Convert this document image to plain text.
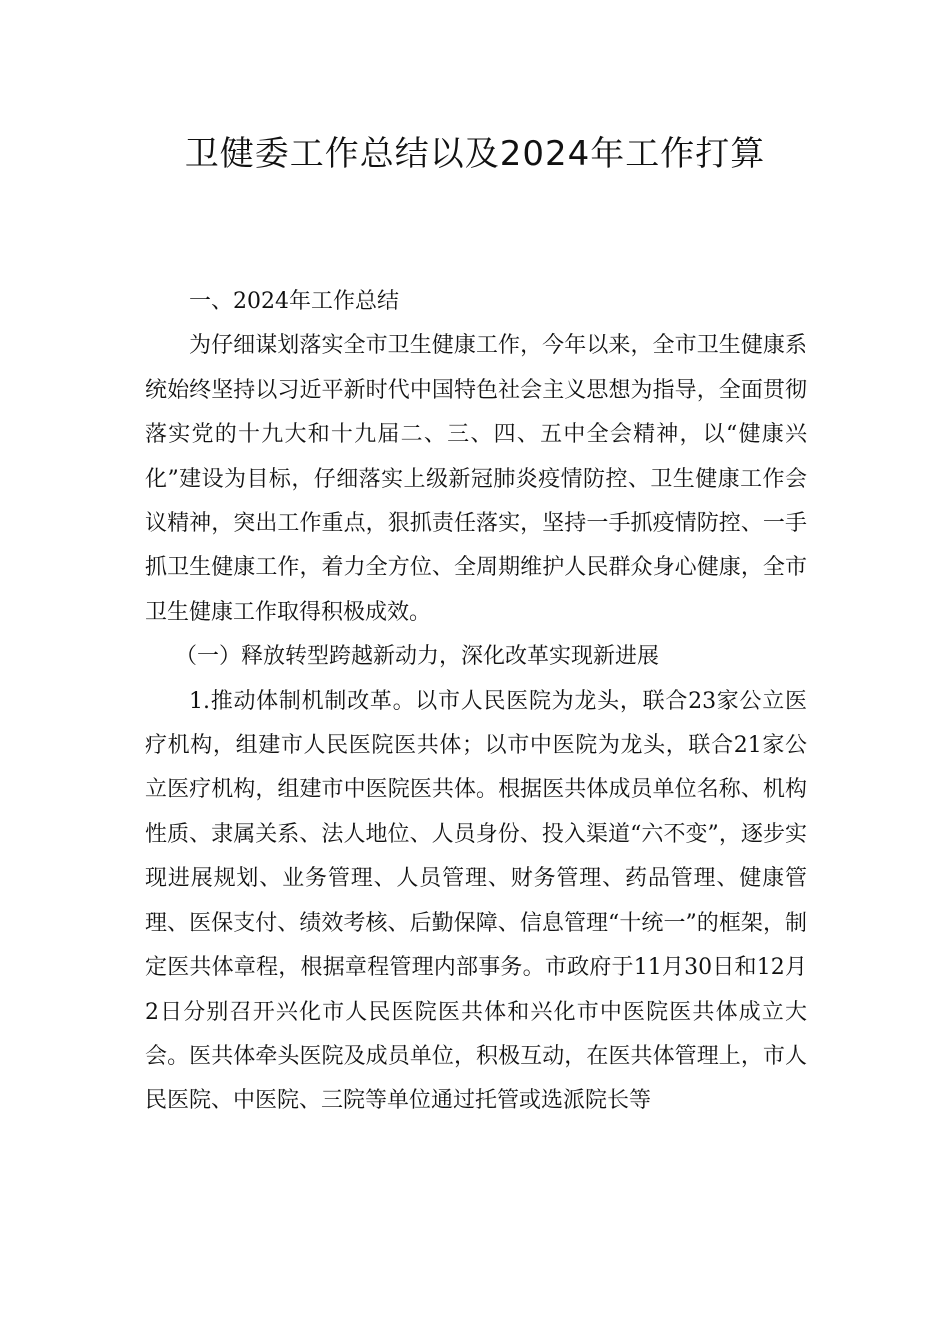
卫健委工作总结以及2024年工作打算

一、2024年工作总结

为仔细谋划落实全市卫生健康工作，今年以来，全市卫生健康系统始终坚持以习近平新时代中国特色社会主义思想为指导，全面贯彻落实党的十九大和十九届二、三、四、五中全会精神，以“健康兴化”建设为目标，仔细落实上级新冠肺炎疫情防控、卫生健康工作会议精神，突出工作重点，狠抓责任落实，坚持一手抓疫情防控、一手抓卫生健康工作，着力全方位、全周期维护人民群众身心健康，全市卫生健康工作取得积极成效。

（一）释放转型跨越新动力，深化改革实现新进展

1.推动体制机制改革。以市人民医院为龙头，联合23家公立医疗机构，组建市人民医院医共体；以市中医院为龙头，联合21家公立医疗机构，组建市中医院医共体。根据医共体成员单位名称、机构性质、隶属关系、法人地位、人员身份、投入渠道“六不变”，逐步实现进展规划、业务管理、人员管理、财务管理、药品管理、健康管理、医保支付、绩效考核、后勤保障、信息管理“十统一”的框架，制定医共体章程，根据章程管理内部事务。市政府于11月30日和12月2日分别召开兴化市人民医院医共体和兴化市中医院医共体成立大会。医共体牵头医院及成员单位，积极互动，在医共体管理上，市人民医院、中医院、三院等单位通过托管或选派院长等
